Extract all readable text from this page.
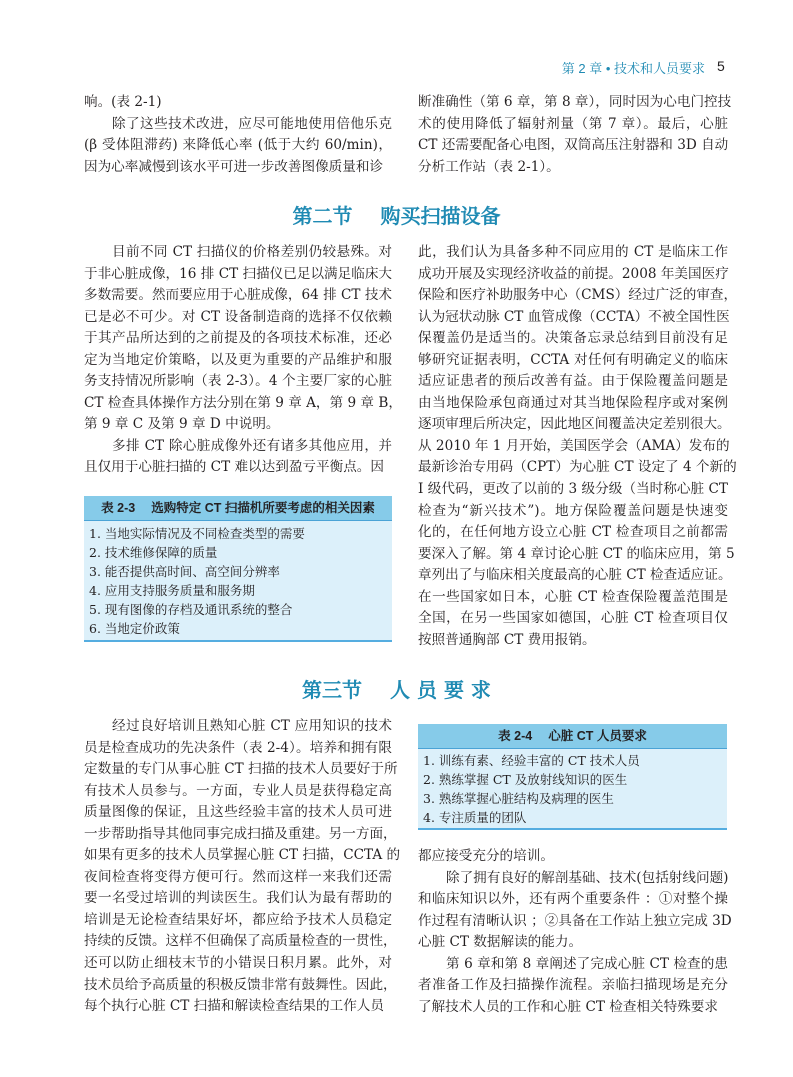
第 2 章 • 技术和人员要求 5
响。(表 2-1)
除了这些技术改进，应尽可能地使用倍他乐克
(β 受体阻滞药) 来降低心率 (低于大约 60/min)，
因为心率减慢到该水平可进一步改善图像质量和诊
断准确性（第 6 章，第 8 章），同时因为心电门控技
术的使用降低了辐射剂量（第 7 章）。最后，心脏
CT 还需要配备心电图，双筒高压注射器和 3D 自动
分析工作站（表 2-1）。
第二节 购买扫描设备
目前不同 CT 扫描仪的价格差别仍较悬殊。对
于非心脏成像，16 排 CT 扫描仪已足以满足临床大
多数需要。然而要应用于心脏成像，64 排 CT 技术
已是必不可少。对 CT 设备制造商的选择不仅依赖
于其产品所达到的之前提及的各项技术标准，还必
定为当地定价策略，以及更为重要的产品维护和服
务支持情况所影响（表 2-3）。4 个主要厂家的心脏
CT 检查具体操作方法分别在第 9 章 A，第 9 章 B，
第 9 章 C 及第 9 章 D 中说明。
多排 CT 除心脏成像外还有诸多其他应用，并
且仅用于心脏扫描的 CT 难以达到盈亏平衡点。因
表 2-3 选购特定 CT 扫描机所要考虑的相关因素
1. 当地实际情况及不同检查类型的需要
2. 技术维修保障的质量
3. 能否提供高时间、高空间分辨率
4. 应用支持服务质量和服务期
5. 现有图像的存档及通讯系统的整合
6. 当地定价政策
此，我们认为具备多种不同应用的 CT 是临床工作
成功开展及实现经济收益的前提。2008 年美国医疗
保险和医疗补助服务中心（CMS）经过广泛的审查，
认为冠状动脉 CT 血管成像（CCTA）不被全国性医
保覆盖仍是适当的。决策备忘录总结到目前没有足
够研究证据表明，CCTA 对任何有明确定义的临床
适应证患者的预后改善有益。由于保险覆盖问题是
由当地保险承包商通过对其当地保险程序或对案例
逐项审理后所决定，因此地区间覆盖决定差别很大。
从 2010 年 1 月开始，美国医学会（AMA）发布的
最新诊治专用码（CPT）为心脏 CT 设定了 4 个新的
Ⅰ 级代码，更改了以前的 3 级分级（当时称心脏 CT
检查为“新兴技术”)。地方保险覆盖问题是快速变
化的，在任何地方设立心脏 CT 检查项目之前都需
要深入了解。第 4 章讨论心脏 CT 的临床应用，第 5
章列出了与临床相关度最高的心脏 CT 检查适应证。
在一些国家如日本，心脏 CT 检查保险覆盖范围是
全国，在另一些国家如德国，心脏 CT 检查项目仅
按照普通胸部 CT 费用报销。
第三节 人 员 要 求
经过良好培训且熟知心脏 CT 应用知识的技术
员是检查成功的先决条件（表 2-4）。培养和拥有限
定数量的专门从事心脏 CT 扫描的技术人员要好于所
有技术人员参与。一方面，专业人员是获得稳定高
质量图像的保证，且这些经验丰富的技术人员可进
一步帮助指导其他同事完成扫描及重建。另一方面，
如果有更多的技术人员掌握心脏 CT 扫描，CCTA 的
夜间检查将变得方便可行。然而这样一来我们还需
要一名受过培训的判读医生。我们认为最有帮助的
培训是无论检查结果好坏，都应给予技术人员稳定
持续的反馈。这样不但确保了高质量检查的一贯性，
还可以防止细枝末节的小错误日积月累。此外，对
技术员给予高质量的积极反馈非常有鼓舞性。因此，
每个执行心脏 CT 扫描和解读检查结果的工作人员
表 2-4 心脏 CT 人员要求
1. 训练有素、经验丰富的 CT 技术人员
2. 熟练掌握 CT 及放射线知识的医生
3. 熟练掌握心脏结构及病理的医生
4. 专注质量的团队
都应接受充分的培训。
除了拥有良好的解剖基础、技术(包括射线问题)
和临床知识以外，还有两个重要条件 ：①对整个操
作过程有清晰认识 ；②具备在工作站上独立完成 3D
心脏 CT 数据解读的能力。
第 6 章和第 8 章阐述了完成心脏 CT 检查的患
者准备工作及扫描操作流程。亲临扫描现场是充分
了解技术人员的工作和心脏 CT 检查相关特殊要求
